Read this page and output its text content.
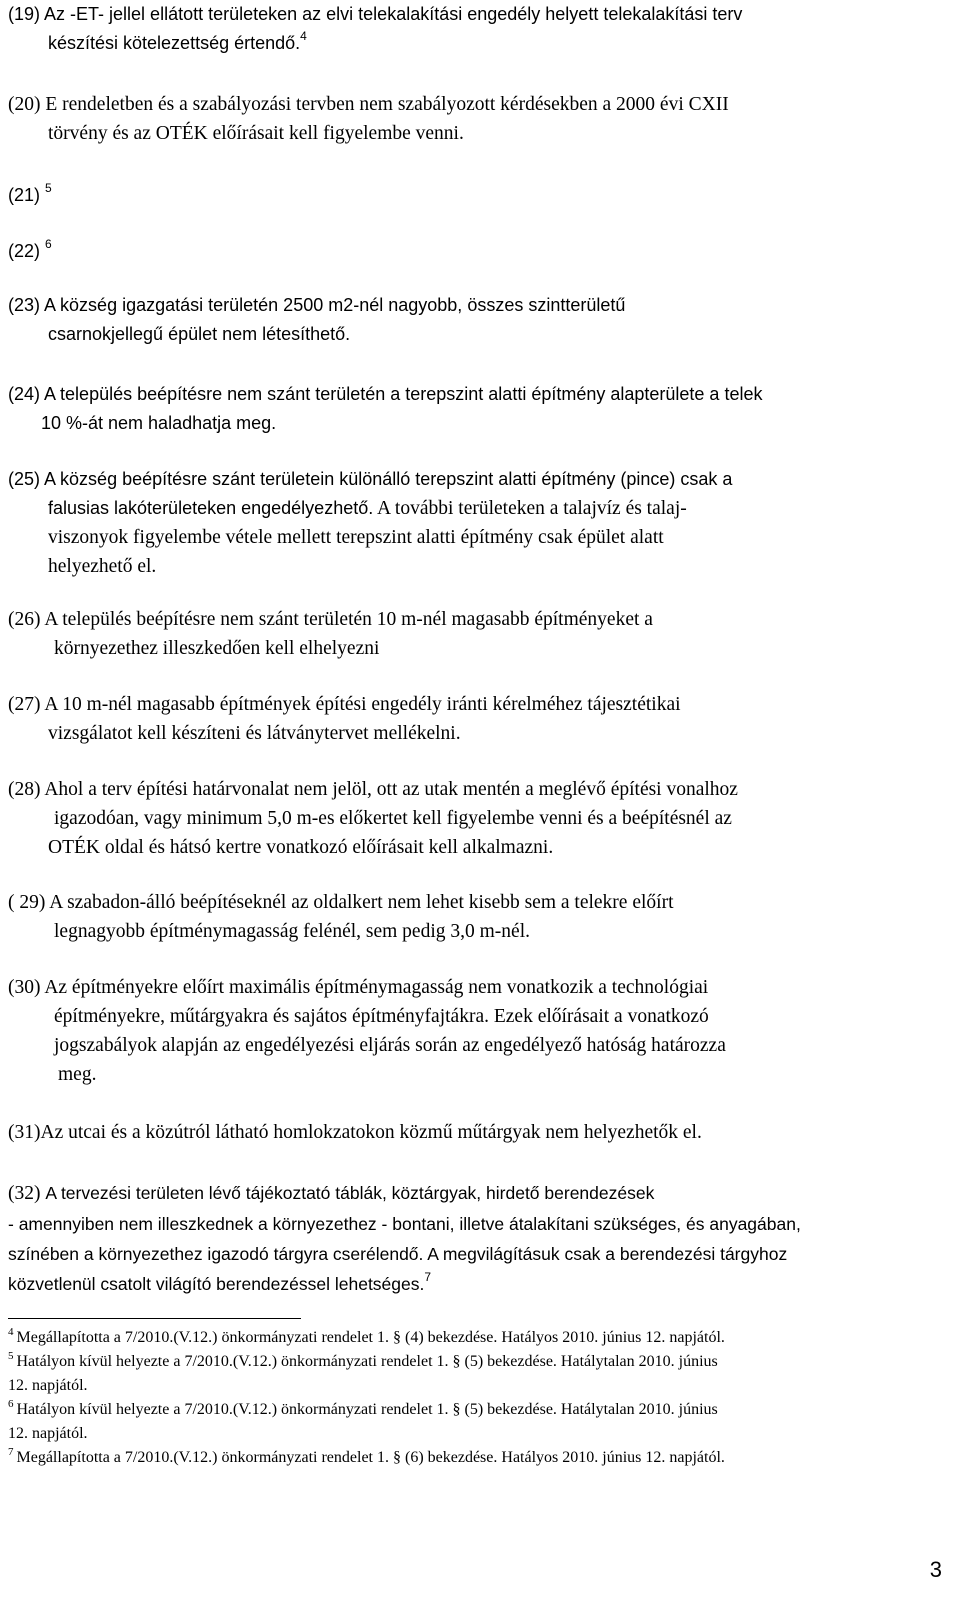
(19) Az -ET- jellel ellátott területeken az elvi telekalakítási engedély helyett telekalakítási terv
készítési kötelezettség értendő.$^4$
(20) E rendeletben és a szabályozási tervben nem szabályozott kérdésekben a 2000 évi CXII
törvény és az OTÉK előírásait kell figyelembe venni.
(21) $^5$
(22) $^6$
(23) A község igazgatási területén 2500 m2-nél nagyobb, összes szintterületű
csarnokjellegű épület nem létesíthető.
(24) A település beépítésre nem szánt területén a terepszint alatti építmény alapterülete a telek
10 %-át nem haladhatja meg.
(25) A község beépítésre szánt területein különálló terepszint alatti építmény (pince) csak a
falusias lakóterületeken engedélyezhető. A további területeken a talajvíz és talaj-
viszonyok figyelembe vétele mellett terepszint alatti építmény csak épület alatt
helyezhető el.
(26) A település beépítésre nem szánt területén 10 m-nél magasabb építményeket a
környezethez illeszkedően kell elhelyezni
(27) A 10 m-nél magasabb építmények építési engedély iránti kérelméhez tájesztétikai
vizsgálatot kell készíteni és látványtervet mellékelni.
(28) Ahol a terv építési határvonalat nem jelöl, ott az utak mentén a meglévő építési vonalhoz
igazodóan, vagy minimum 5,0 m-es előkertet kell figyelembe venni és a beépítésnél az
OTÉK oldal és hátsó kertre vonatkozó előírásait kell alkalmazni.
( 29) A szabadon-álló beépítéseknél az oldalkert nem lehet kisebb sem a telekre előírt
legnagyobb építménymagasság felénél, sem pedig 3,0 m-nél.
(30) Az építményekre előírt maximális építménymagasság nem vonatkozik a technológiai
építményekre, műtárgyakra és sajátos építményfajtákra. Ezek előírásait a vonatkozó
jogszabályok alapján az engedélyezési eljárás során az engedélyező hatóság határozza
meg.
(31)Az utcai és a közútról látható homlokzatokon közmű műtárgyak nem helyezhetők el.
(32) A tervezési területen lévő tájékoztató táblák, köztárgyak, hirdető berendezések
- amennyiben nem illeszkednek a környezethez - bontani, illetve átalakítani szükséges, és anyagában,
színében a környezethez igazodó tárgyra cserélendő. A megvilágításuk csak a berendezési tárgyhoz
közvetlenül csatolt világító berendezéssel lehetséges.$^7$
$^4$ Megállapította a 7/2010.(V.12.) önkormányzati rendelet 1. § (4) bekezdése. Hatályos 2010. június 12. napjától.
$^5$ Hatályon kívül helyezte a 7/2010.(V.12.) önkormányzati rendelet 1. § (5) bekezdése. Hatálytalan 2010. június
12. napjától.
$^6$ Hatályon kívül helyezte a 7/2010.(V.12.) önkormányzati rendelet 1. § (5) bekezdése. Hatálytalan 2010. június
12. napjától.
$^7$ Megállapította a 7/2010.(V.12.) önkormányzati rendelet 1. § (6) bekezdése. Hatályos 2010. június 12. napjától.
3
